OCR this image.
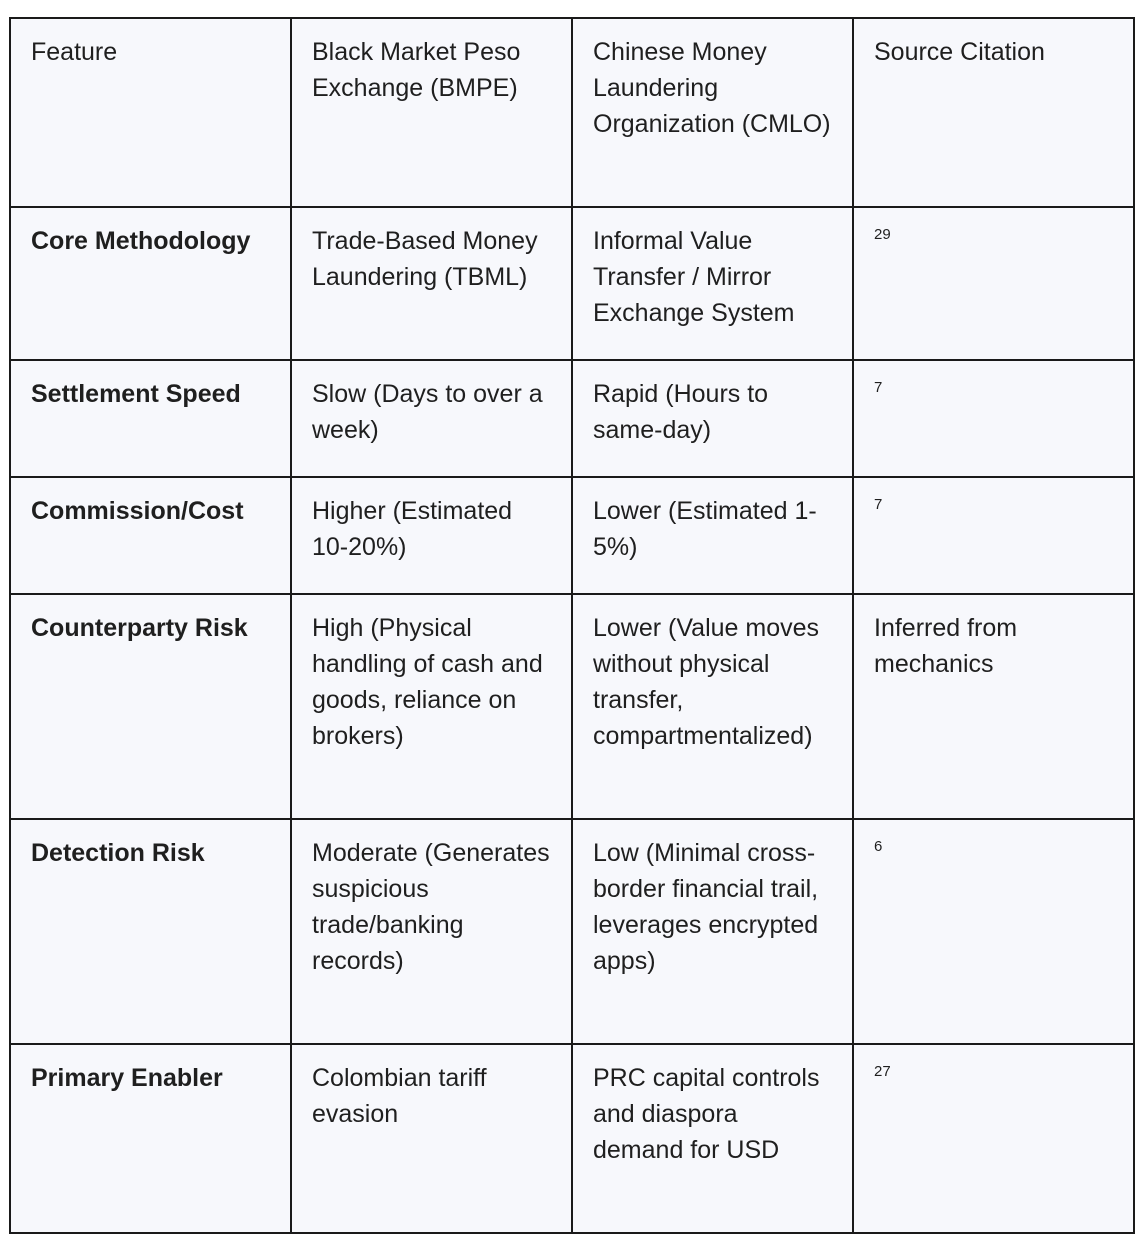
Feature	Black Market Peso Exchange (BMPE)	Chinese Money Laundering Organization (CMLO)	Source Citation
Core Methodology	Trade-Based Money Laundering (TBML)	Informal Value Transfer / Mirror Exchange System	29
Settlement Speed	Slow (Days to over a week)	Rapid (Hours to same-day)	7
Commission/Cost	Higher (Estimated 10-20%)	Lower (Estimated 1-5%)	7
Counterparty Risk	High (Physical handling of cash and goods, reliance on brokers)	Lower (Value moves without physical transfer, compartmentalized)	Inferred from mechanics
Detection Risk	Moderate (Generates suspicious trade/banking records)	Low (Minimal cross-border financial trail, leverages encrypted apps)	6
Primary Enabler	Colombian tariff evasion	PRC capital controls and diaspora demand for USD	27
